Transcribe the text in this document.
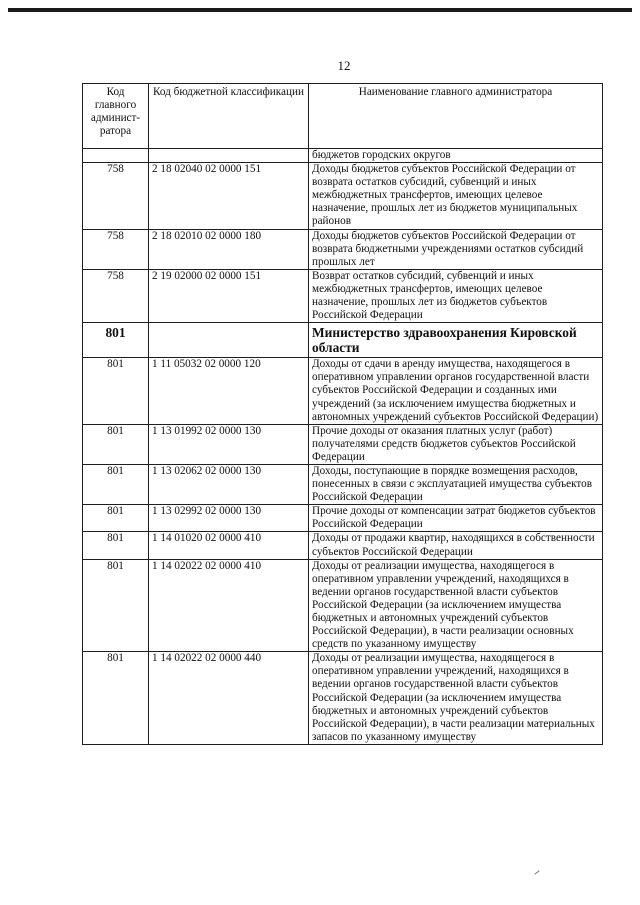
12
Код главного админист-ратора	Код бюджетной классификации	Наименование главного администратора
		бюджетов городских округов
758	2 18 02040 02 0000 151	Доходы бюджетов субъектов Российской Федерации от возврата остатков субсидий, субвенций и иных межбюджетных трансфертов, имеющих целевое назначение, прошлых лет из бюджетов муниципальных районов
758	2 18 02010 02 0000 180	Доходы бюджетов субъектов Российской Федерации от возврата бюджетными учреждениями остатков субсидий прошлых лет
758	2 19 02000 02 0000 151	Возврат остатков субсидий, субвенций и иных межбюджетных трансфертов, имеющих целевое назначение, прошлых лет из бюджетов субъектов Российской Федерации
801		Министерство здравоохранения Кировской области
801	1 11 05032 02 0000 120	Доходы от сдачи в аренду имущества, находящегося в оперативном управлении органов государственной власти субъектов Российской Федерации и созданных ими учреждений (за исключением имущества бюджетных и автономных учреждений субъектов Российской Федерации)
801	1 13 01992 02 0000 130	Прочие доходы от оказания платных услуг (работ) получателями средств бюджетов субъектов Российской Федерации
801	1 13 02062 02 0000 130	Доходы, поступающие в порядке возмещения расходов, понесенных в связи с эксплуатацией имущества субъектов Российской Федерации
801	1 13 02992 02 0000 130	Прочие доходы от компенсации затрат бюджетов субъектов Российской Федерации
801	1 14 01020 02 0000 410	Доходы от продажи квартир, находящихся в собственности субъектов Российской Федерации
801	1 14 02022 02 0000 410	Доходы от реализации имущества, находящегося в оперативном управлении учреждений, находящихся в ведении органов государственной власти субъектов Российской Федерации (за исключением имущества бюджетных и автономных учреждений субъектов Российской Федерации), в части реализации основных средств по указанному имуществу
801	1 14 02022 02 0000 440	Доходы от реализации имущества, находящегося в оперативном управлении учреждений, находящихся в ведении органов государственной власти субъектов Российской Федерации (за исключением имущества бюджетных и автономных учреждений субъектов Российской Федерации), в части реализации материальных запасов по указанному имуществу
